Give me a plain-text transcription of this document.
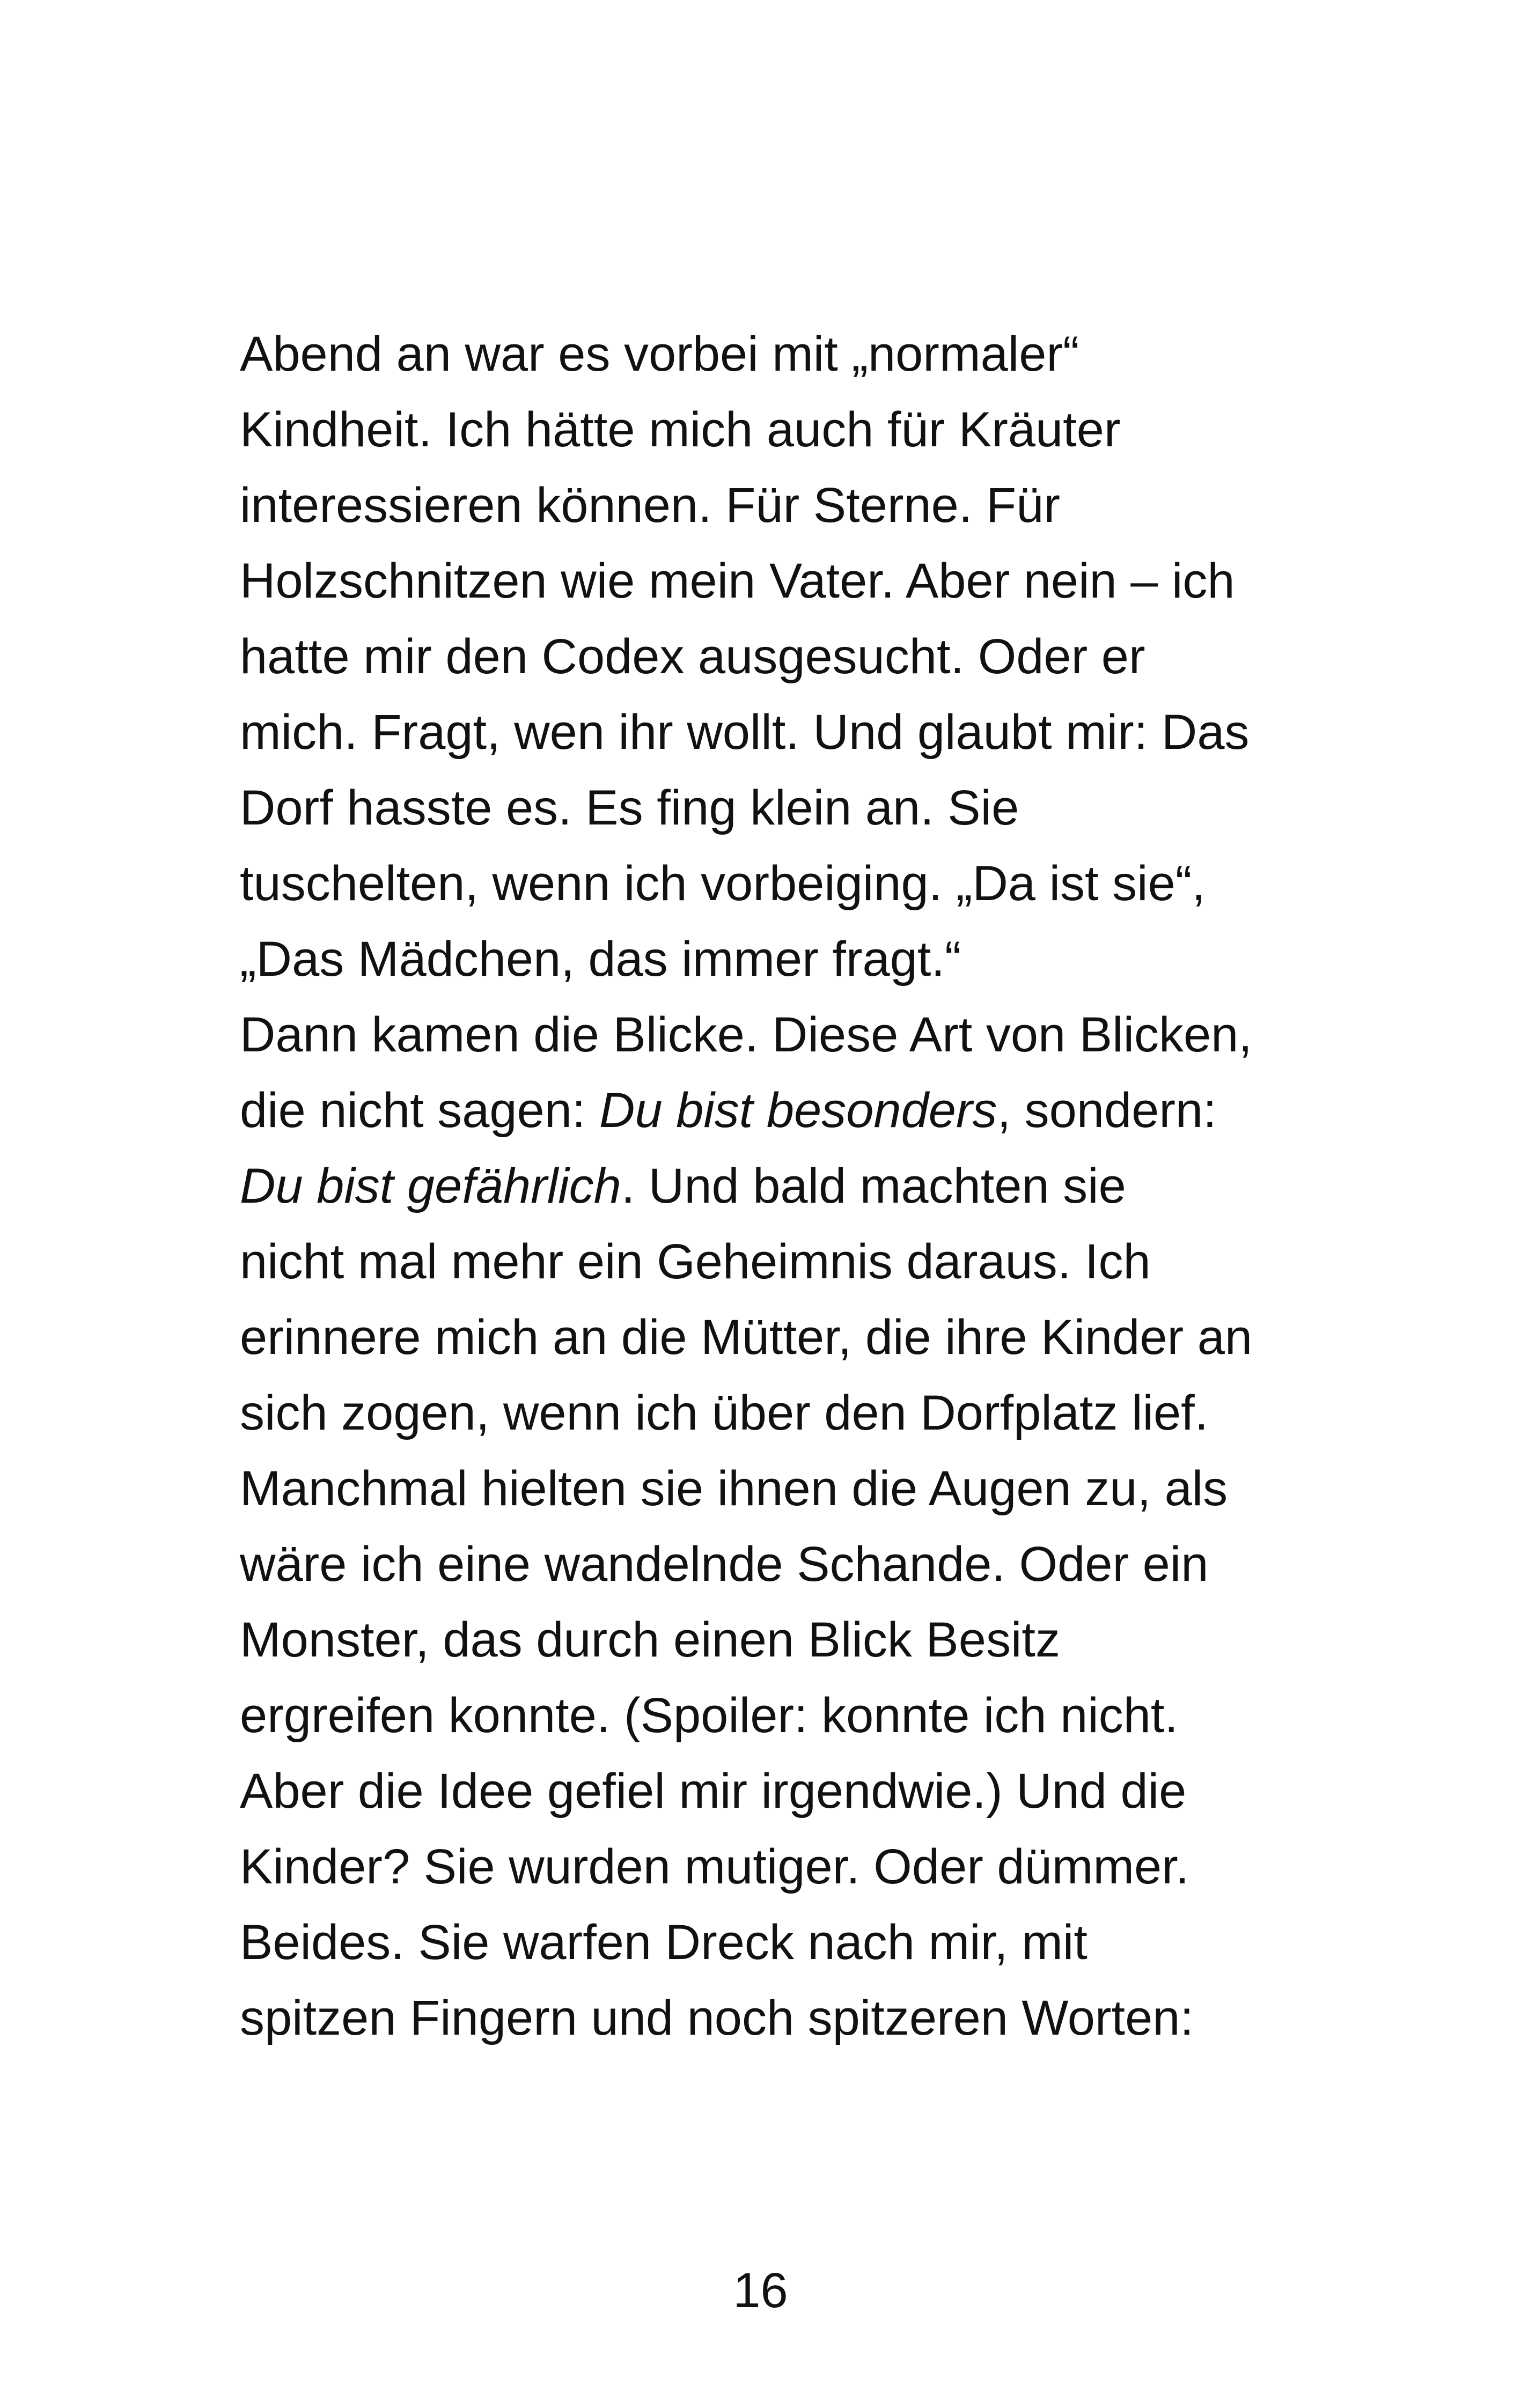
Abend an war es vorbei mit „normaler“
Kindheit. Ich hätte mich auch für Kräuter
interessieren können. Für Sterne. Für
Holzschnitzen wie mein Vater. Aber nein – ich
hatte mir den Codex ausgesucht. Oder er
mich. Fragt, wen ihr wollt. Und glaubt mir: Das
Dorf hasste es. Es fing klein an. Sie
tuschelten, wenn ich vorbeiging. „Da ist sie“,
„Das Mädchen, das immer fragt.“
Dann kamen die Blicke. Diese Art von Blicken,
die nicht sagen: Du bist besonders, sondern:
Du bist gefährlich. Und bald machten sie
nicht mal mehr ein Geheimnis daraus. Ich
erinnere mich an die Mütter, die ihre Kinder an
sich zogen, wenn ich über den Dorfplatz lief.
Manchmal hielten sie ihnen die Augen zu, als
wäre ich eine wandelnde Schande. Oder ein
Monster, das durch einen Blick Besitz
ergreifen konnte. (Spoiler: konnte ich nicht.
Aber die Idee gefiel mir irgendwie.) Und die
Kinder? Sie wurden mutiger. Oder dümmer.
Beides. Sie warfen Dreck nach mir, mit
spitzen Fingern und noch spitzeren Worten:
16
